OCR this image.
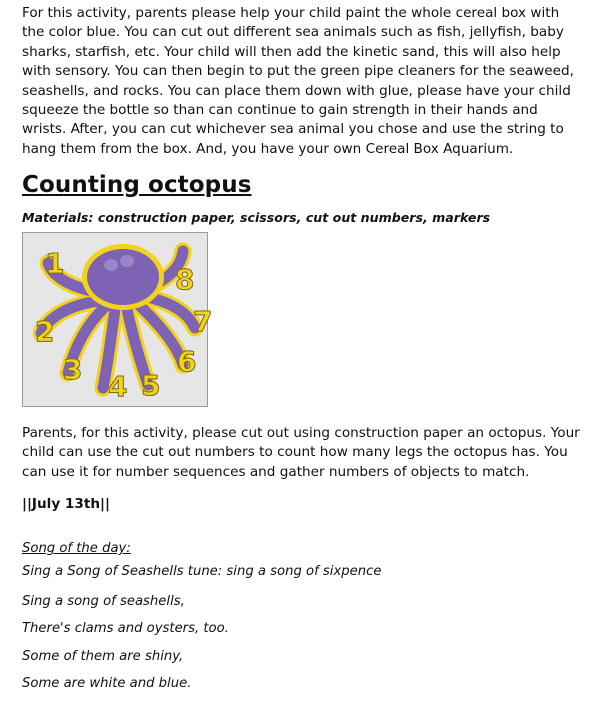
For this activity, parents please help your child paint the whole cereal box with the color blue. You can cut out different sea animals such as fish, jellyfish, baby sharks, starfish, etc. Your child will then add the kinetic sand, this will also help with sensory. You can then begin to put the green pipe cleaners for the seaweed, seashells, and rocks. You can place them down with glue, please have your child squeeze the bottle so than can continue to gain strength in their hands and wrists. After, you can cut whichever sea animal you chose and use the string to hang them from the box. And, you have your own Cereal Box Aquarium.

Counting octopus

Materials: construction paper, scissors, cut out numbers, markers

1
2
3
4 5
6
7
8

Parents, for this activity, please cut out using construction paper an octopus. Your child can use the cut out numbers to count how many legs the octopus has. You can use it for number sequences and gather numbers of objects to match.

||July 13th||

Song of the day:

Sing a Song of Seashells tune: sing a song of sixpence

Sing a song of seashells,

There's clams and oysters, too.

Some of them are shiny,

Some are white and blue.
